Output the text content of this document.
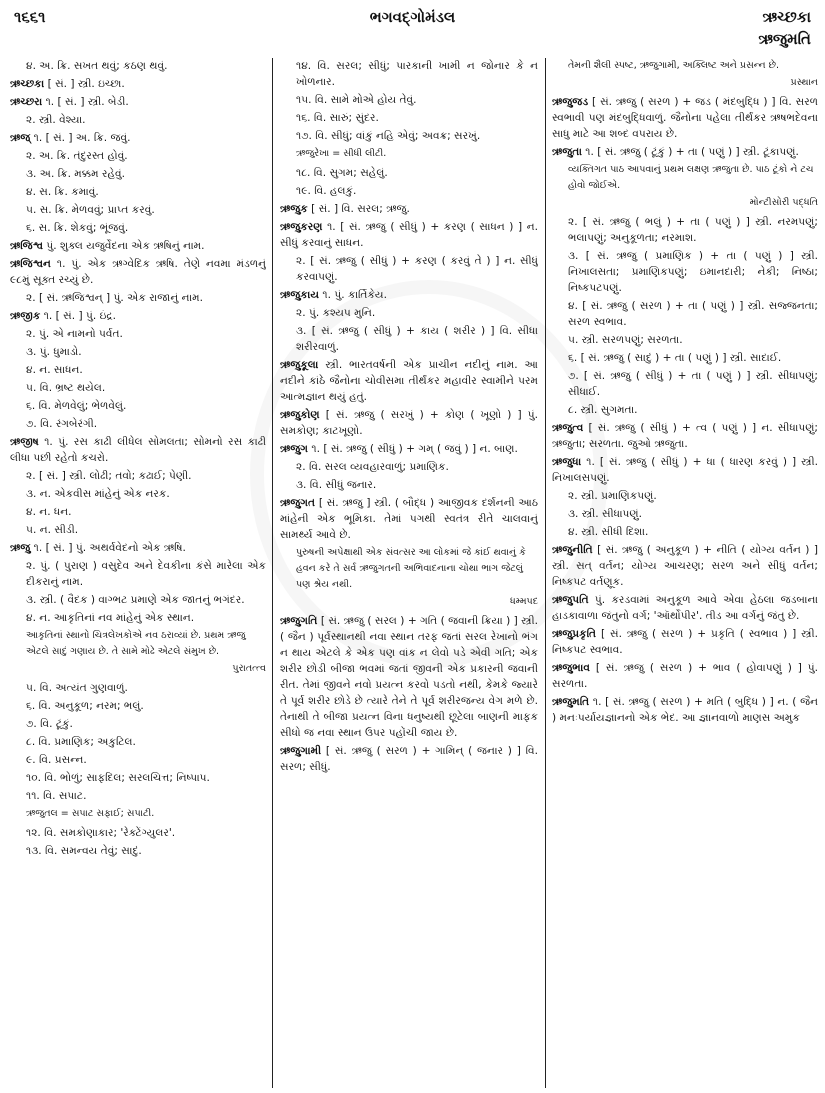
૧૬૬૧	ભગવદ્ગોમંડલ	ઋચ્છકા
ઋજુમતિ

૪. અ. ક્રિ. સખત થવું; કઠણ થવું.

ઋચ્છકા [ સં. ] સ્ત્રી. ઇચ્છા.

ઋચ્છરા ૧. [ સં. ] સ્ત્રી. બેડી.

૨. સ્ત્રી. વેશ્યા.

ઋજ્ ૧. [ સં. ] અ. ક્રિ. જવું.

૨. અ. ક્રિ. તંદુરસ્ત હોવું.

૩. અ. ક્રિ. મક્કમ રહેવું.

૪. સ. ક્રિ. કમાવું.

૫. સ. ક્રિ. મેળવવું; પ્રાપ્ત કરવું.

૬. સ. ક્રિ. શેકવું; ભૂંજવું.

ઋજિશ્વ પું. શુક્લ યજુર્વેદના એક ઋષિનું નામ.

ઋજિશ્વન ૧. પું. એક ઋગ્વેદિક ઋષિ. તેણે નવમા મંડળનું ૯૮મું સૂક્ત રચ્યું છે.

૨. [ સં. ઋજિશ્વન્ ] પું. એક રાજાનું નામ.

ઋજીક ૧. [ સં. ] પું. ઇંદ્ર.

૨. પું. એ નામનો પર્વત.

૩. પું. ધુમાડો.

૪. ન. સાધન.

૫. વિ. ભ્રષ્ટ થયેલ.

૬. વિ. મેળવેલું; ભેળવેલું.

૭. વિ. રંગબેરંગી.

ઋજીષ ૧. પું. રસ કાઢી લીધેલ સોમલતા; સોમનો રસ કાઢી લીધા પછી રહેતો કચરો.

૨. [ સં. ] સ્ત્રી. લોઢી; તવો; કઢાઈ; પેણી.

૩. ન. એકવીસ માંહેનું એક નરક.

૪. ન. ધન.

૫. ન. સીડી.

ઋજુ ૧. [ સં. ] પું. અથર્વવેદનો એક ઋષિ.

૨. પું. ( પુરાણ ) વસુદેવ અને દેવકીના કંસે મારેલા એક દીકરાનું નામ.

૩. સ્ત્રી. ( વૈદક ) વાગ્ભટ પ્રમાણે એક જાતનું ભગંદર.

૪. ન. આકૃતિનાં નવ માંહેનું એક સ્થાન.

આકૃતિનાં સ્થાનો ચિત્રલેખકોએ નવ ઠરાવ્યાં છે. પ્રથમ ઋજુ એટલે સાદું ગણાય છે. તે સામે મોઢે એટલે સંમુખ છે.

પુરાતત્ત્વ

૫. વિ. અત્યંત ગુણવાળું.

૬. વિ. અનુકૂળ; નરમ; ભલું.

૭. વિ. ટૂંકું.

૮. વિ. પ્રમાણિક; અકુટિલ.

૯. વિ. પ્રસન્ન.

૧૦. વિ. ભોળું; સાફદિલ; સરલચિત્ત; નિષ્પાપ.

૧૧. વિ. સપાટ.

ઋજુતલ = સપાટ સફાઈ; સપાટી.

૧૨. વિ. સમકોણાકાર; 'રેક્ટેંગ્યુલર'.

૧૩. વિ. સમન્વય તેવું; સાદું.

૧૪. વિ. સરલ; સીધું; પારકાની ખામી ન જોનાર કે ન ખોળનાર.

૧૫. વિ. સામે મોએ હોય તેવું.

૧૬. વિ. સારું; સુંદર.

૧૭. વિ. સીધું; વાંકું નહિ એવું; અવક્ર; સરખું.

ઋજુરેખા = સીધી લીટી.

૧૮. વિ. સુગમ; સહેલું.

૧૯. વિ. હલકું.

ઋજુક [ સં. ] વિ. સરલ; ઋજુ.

ઋજુકરણ ૧. [ સં. ઋજુ ( સીધું ) + કરણ ( સાધન ) ] ન. સીધું કરવાનું સાધન.

૨. [ સં. ઋજુ ( સીધું ) + કરણ ( કરવું તે ) ] ન. સીધું કરવાપણું.

ઋજુકાય ૧. પું. કાર્તિકેય.

૨. પું. કશ્યપ મુનિ.

૩. [ સં. ઋજુ ( સીધું ) + કાય ( શરીર ) ] વિ. સીધા શરીરવાળું.

ઋજુકૂલા સ્ત્રી. ભારતવર્ષની એક પ્રાચીન નદીનું નામ. આ નદીને કાંઠે જૈનોના ચોવીસમા તીર્થંકર મહાવીર સ્વામીને પરમ આત્મજ્ઞાન થયું હતું.

ઋજુકોણ [ સં. ઋજુ ( સરખું ) + કોણ ( ખૂણો ) ] પું. સમકોણ; કાટખૂણો.

ઋજુગ ૧. [ સં. ઋજુ ( સીધું ) + ગમ્ ( જવું ) ] ન. બાણ.

૨. વિ. સરલ વ્યવહારવાળું; પ્રમાણિક.

૩. વિ. સીધું જનાર.

ઋજુગત [ સં. ઋજુ ] સ્ત્રી. ( બૌદ્ધ ) આજીવક દર્શનની આઠ માંહેની એક ભૂમિકા. તેમાં પગથી સ્વતંત્ર રીતે ચાલવાનું સામર્થ્ય આવે છે.

પુરુષની અપેક્ષાથી એક સંવત્સર આ લોકમાં જે કાંઈ થવાનું કે હવન કરે તે સર્વ ઋજુગતની અભિવાદનાના ચોથા ભાગ જેટલું પણ શ્રેય નથી.

ધમ્મપદ

ઋજુગતિ [ સં. ઋજુ ( સરલ ) + ગતિ ( જવાની ક્રિયા ) ] સ્ત્રી. ( જૈન ) પૂર્વસ્થાનથી નવા સ્થાન તરફ જતાં સરલ રેખાનો ભંગ ન થાય એટલે કે એક પણ વાંક ન લેવો પડે એવી ગતિ; એક શરીર છોડી બીજા ભવમાં જતાં જીવની એક પ્રકારની જવાની રીત. તેમાં જીવને નવો પ્રયત્ન કરવો પડતો નથી, કેમકે જ્યારે તે પૂર્વ શરીર છોડે છે ત્યારે તેને તે પૂર્વ શરીરજન્ય વેગ મળે છે. તેનાથી તે બીજા પ્રયત્ન વિના ધનુષ્યથી છૂટેલા બાણની માફક સીધો જ નવા સ્થાન ઉપર પહોંચી જાય છે.

ઋજુગામી [ સં. ઋજુ ( સરળ ) + ગામિન્ ( જનાર ) ] વિ. સરળ; સીધું.

તેમની શૈલી સ્પષ્ટ, ઋજુગામી, અક્લિષ્ટ અને પ્રસન્ન છે.

પ્રસ્થાન

ઋજુજડ [ સં. ઋજુ ( સરળ ) + જડ ( મંદબુદ્ધિ ) ] વિ. સરળ સ્વભાવી પણ મંદબુદ્ધિવાળું. જૈનોના પહેલા તીર્થંકર ઋષભદેવના સાધુ માટે આ શબ્દ વપરાય છે.

ઋજુતા ૧. [ સં. ઋજુ ( ટૂંકું ) + તા ( પણું ) ] સ્ત્રી. ટૂંકાપણું.

વ્યક્તિગત પાઠ આપવાનું પ્રથમ લક્ષણ ઋજુતા છે. પાઠ ટૂંકો ને ટચ હોવો જોઈએ.

મોન્ટીસોરી પદ્ધતિ

૨. [ સં. ઋજુ ( ભલું ) + તા ( પણું ) ] સ્ત્રી. નરમપણું; ભલાપણું; અનુકૂળતા; નરમાશ.

૩. [ સં. ઋજુ ( પ્રમાણિક ) + તા ( પણું ) ] સ્ત્રી. નિખાલસતા; પ્રમાણિકપણું; ઇમાનદારી; નેકી; નિષ્ઠા; નિષ્કપટપણું.

૪. [ સં. ઋજુ ( સરળ ) + તા ( પણું ) ] સ્ત્રી. સજ્જનતા; સરળ સ્વભાવ.

૫. સ્ત્રી. સરળપણું; સરળતા.

૬. [ સં. ઋજુ ( સાદું ) + તા ( પણું ) ] સ્ત્રી. સાદાઈ.

૭. [ સં. ઋજુ ( સીધું ) + તા ( પણું ) ] સ્ત્રી. સીધાપણું; સીધાઈ.

૮. સ્ત્રી. સુગમતા.

ઋજુત્વ [ સં. ઋજુ ( સીધું ) + ત્વ ( પણું ) ] ન. સીધાપણું; ઋજુતા; સરળતા. જુઓ ઋજુતા.

ઋજુધા ૧. [ સં. ઋજુ ( સીધું ) + ધા ( ધારણ કરવું ) ] સ્ત્રી. નિખાલસપણું.

૨. સ્ત્રી. પ્રમાણિકપણું.

૩. સ્ત્રી. સીધાપણું.

૪. સ્ત્રી. સીધી દિશા.

ઋજુનીતિ [ સં. ઋજુ ( અનુકૂળ ) + નીતિ ( યોગ્ય વર્તન ) ] સ્ત્રી. સત્ વર્તન; યોગ્ય આચરણ; સરળ અને સીધું વર્તન; નિષ્કપટ વર્તણૂક.

ઋજુપતિ પું. કરડવામાં અનુકૂળ આવે એવા હેઠલા જડબાના હાડકાવાળા જંતુનો વર્ગ; 'ઑર્થોપીર'. તીડ આ વર્ગનું જંતુ છે.

ઋજુપ્રકૃતિ [ સં. ઋજુ ( સરળ ) + પ્રકૃતિ ( સ્વભાવ ) ] સ્ત્રી. નિષ્કપટ સ્વભાવ.

ઋજુભાવ [ સં. ઋજુ ( સરળ ) + ભાવ ( હોવાપણું ) ] પું. સરળતા.

ઋજુમતિ ૧. [ સં. ઋજુ ( સરળ ) + મતિ ( બુદ્ધિ ) ] ન. ( જૈન ) મનઃપર્યાયજ્ઞાનનો એક ભેદ. આ જ્ઞાનવાળો માણસ અમુક
